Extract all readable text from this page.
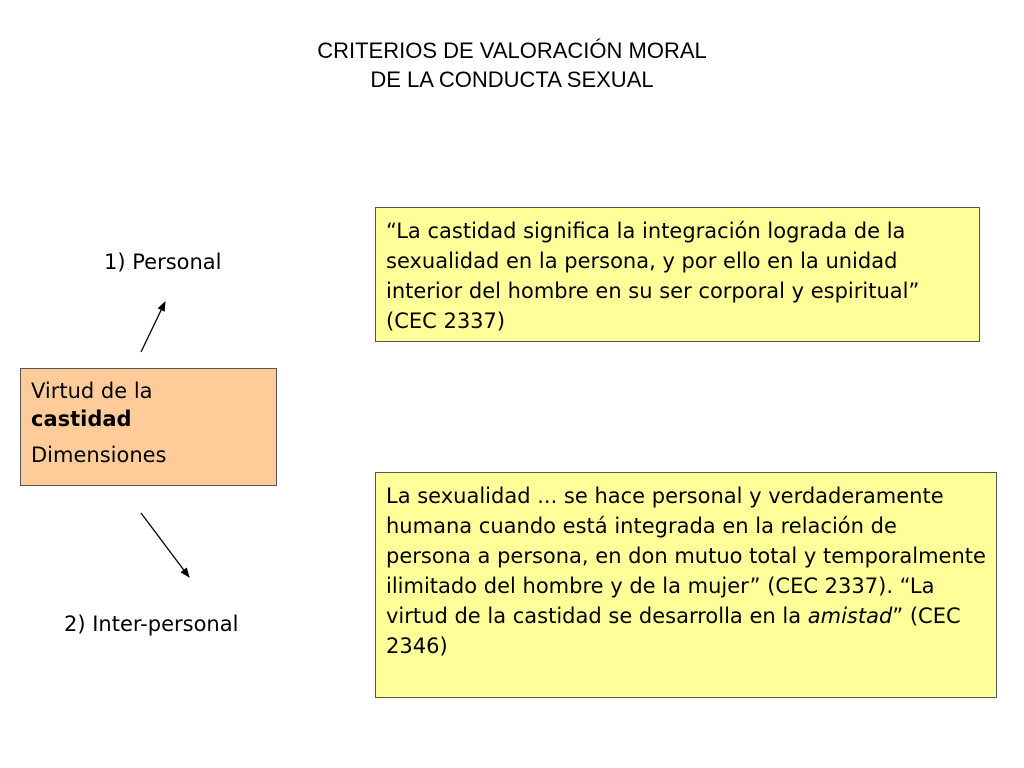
CRITERIOS DE VALORACIÓN MORAL
DE LA CONDUCTA SEXUAL
1) Personal
Virtud de la
castidad
Dimensiones
2) Inter-personal
“La castidad significa la integración lograda de la sexualidad en la persona, y por ello en la unidad interior del hombre en su ser corporal y espiritual” (CEC 2337)
La sexualidad ... se hace personal y verdaderamente humana cuando está integrada en la relación de persona a persona, en don mutuo total y temporalmente ilimitado del hombre y de la mujer” (CEC 2337). “La virtud de la castidad se desarrolla en la amistad” (CEC 2346)
